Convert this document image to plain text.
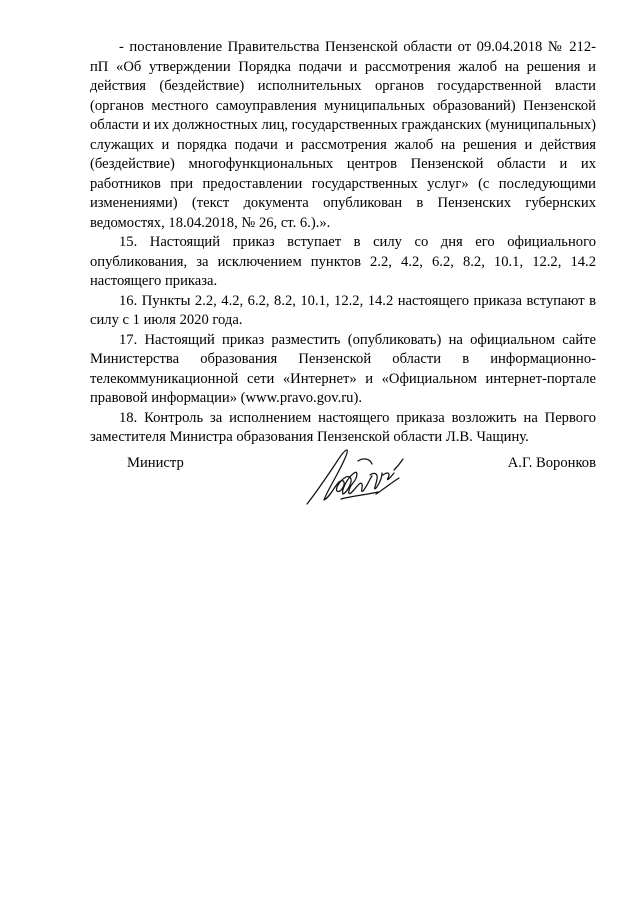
- постановление Правительства Пензенской области от 09.04.2018 № 212-пП «Об утверждении Порядка подачи и рассмотрения жалоб на решения и действия (бездействие) исполнительных органов государственной власти (органов местного самоуправления муниципальных образований) Пензенской области и их должностных лиц, государственных гражданских (муниципальных) служащих и порядка подачи и рассмотрения жалоб на решения и действия (бездействие) многофункциональных центров Пензенской области и их работников при предоставлении государственных услуг» (с последующими изменениями) (текст документа опубликован в Пензенских губернских ведомостях, 18.04.2018, № 26, ст. 6.).».

15. Настоящий приказ вступает в силу со дня его официального опубликования, за исключением пунктов 2.2, 4.2, 6.2, 8.2, 10.1, 12.2, 14.2 настоящего приказа.

16. Пункты 2.2, 4.2, 6.2, 8.2, 10.1, 12.2, 14.2 настоящего приказа вступают в силу с 1 июля 2020 года.

17. Настоящий приказ разместить (опубликовать) на официальном сайте Министерства образования Пензенской области в информационно-телекоммуникационной сети «Интернет» и «Официальном интернет-портале правовой информации» (www.pravo.gov.ru).

18. Контроль за исполнением настоящего приказа возложить на Первого заместителя Министра образования Пензенской области Л.В. Чащину.

Министр	А.Г. Воронков
